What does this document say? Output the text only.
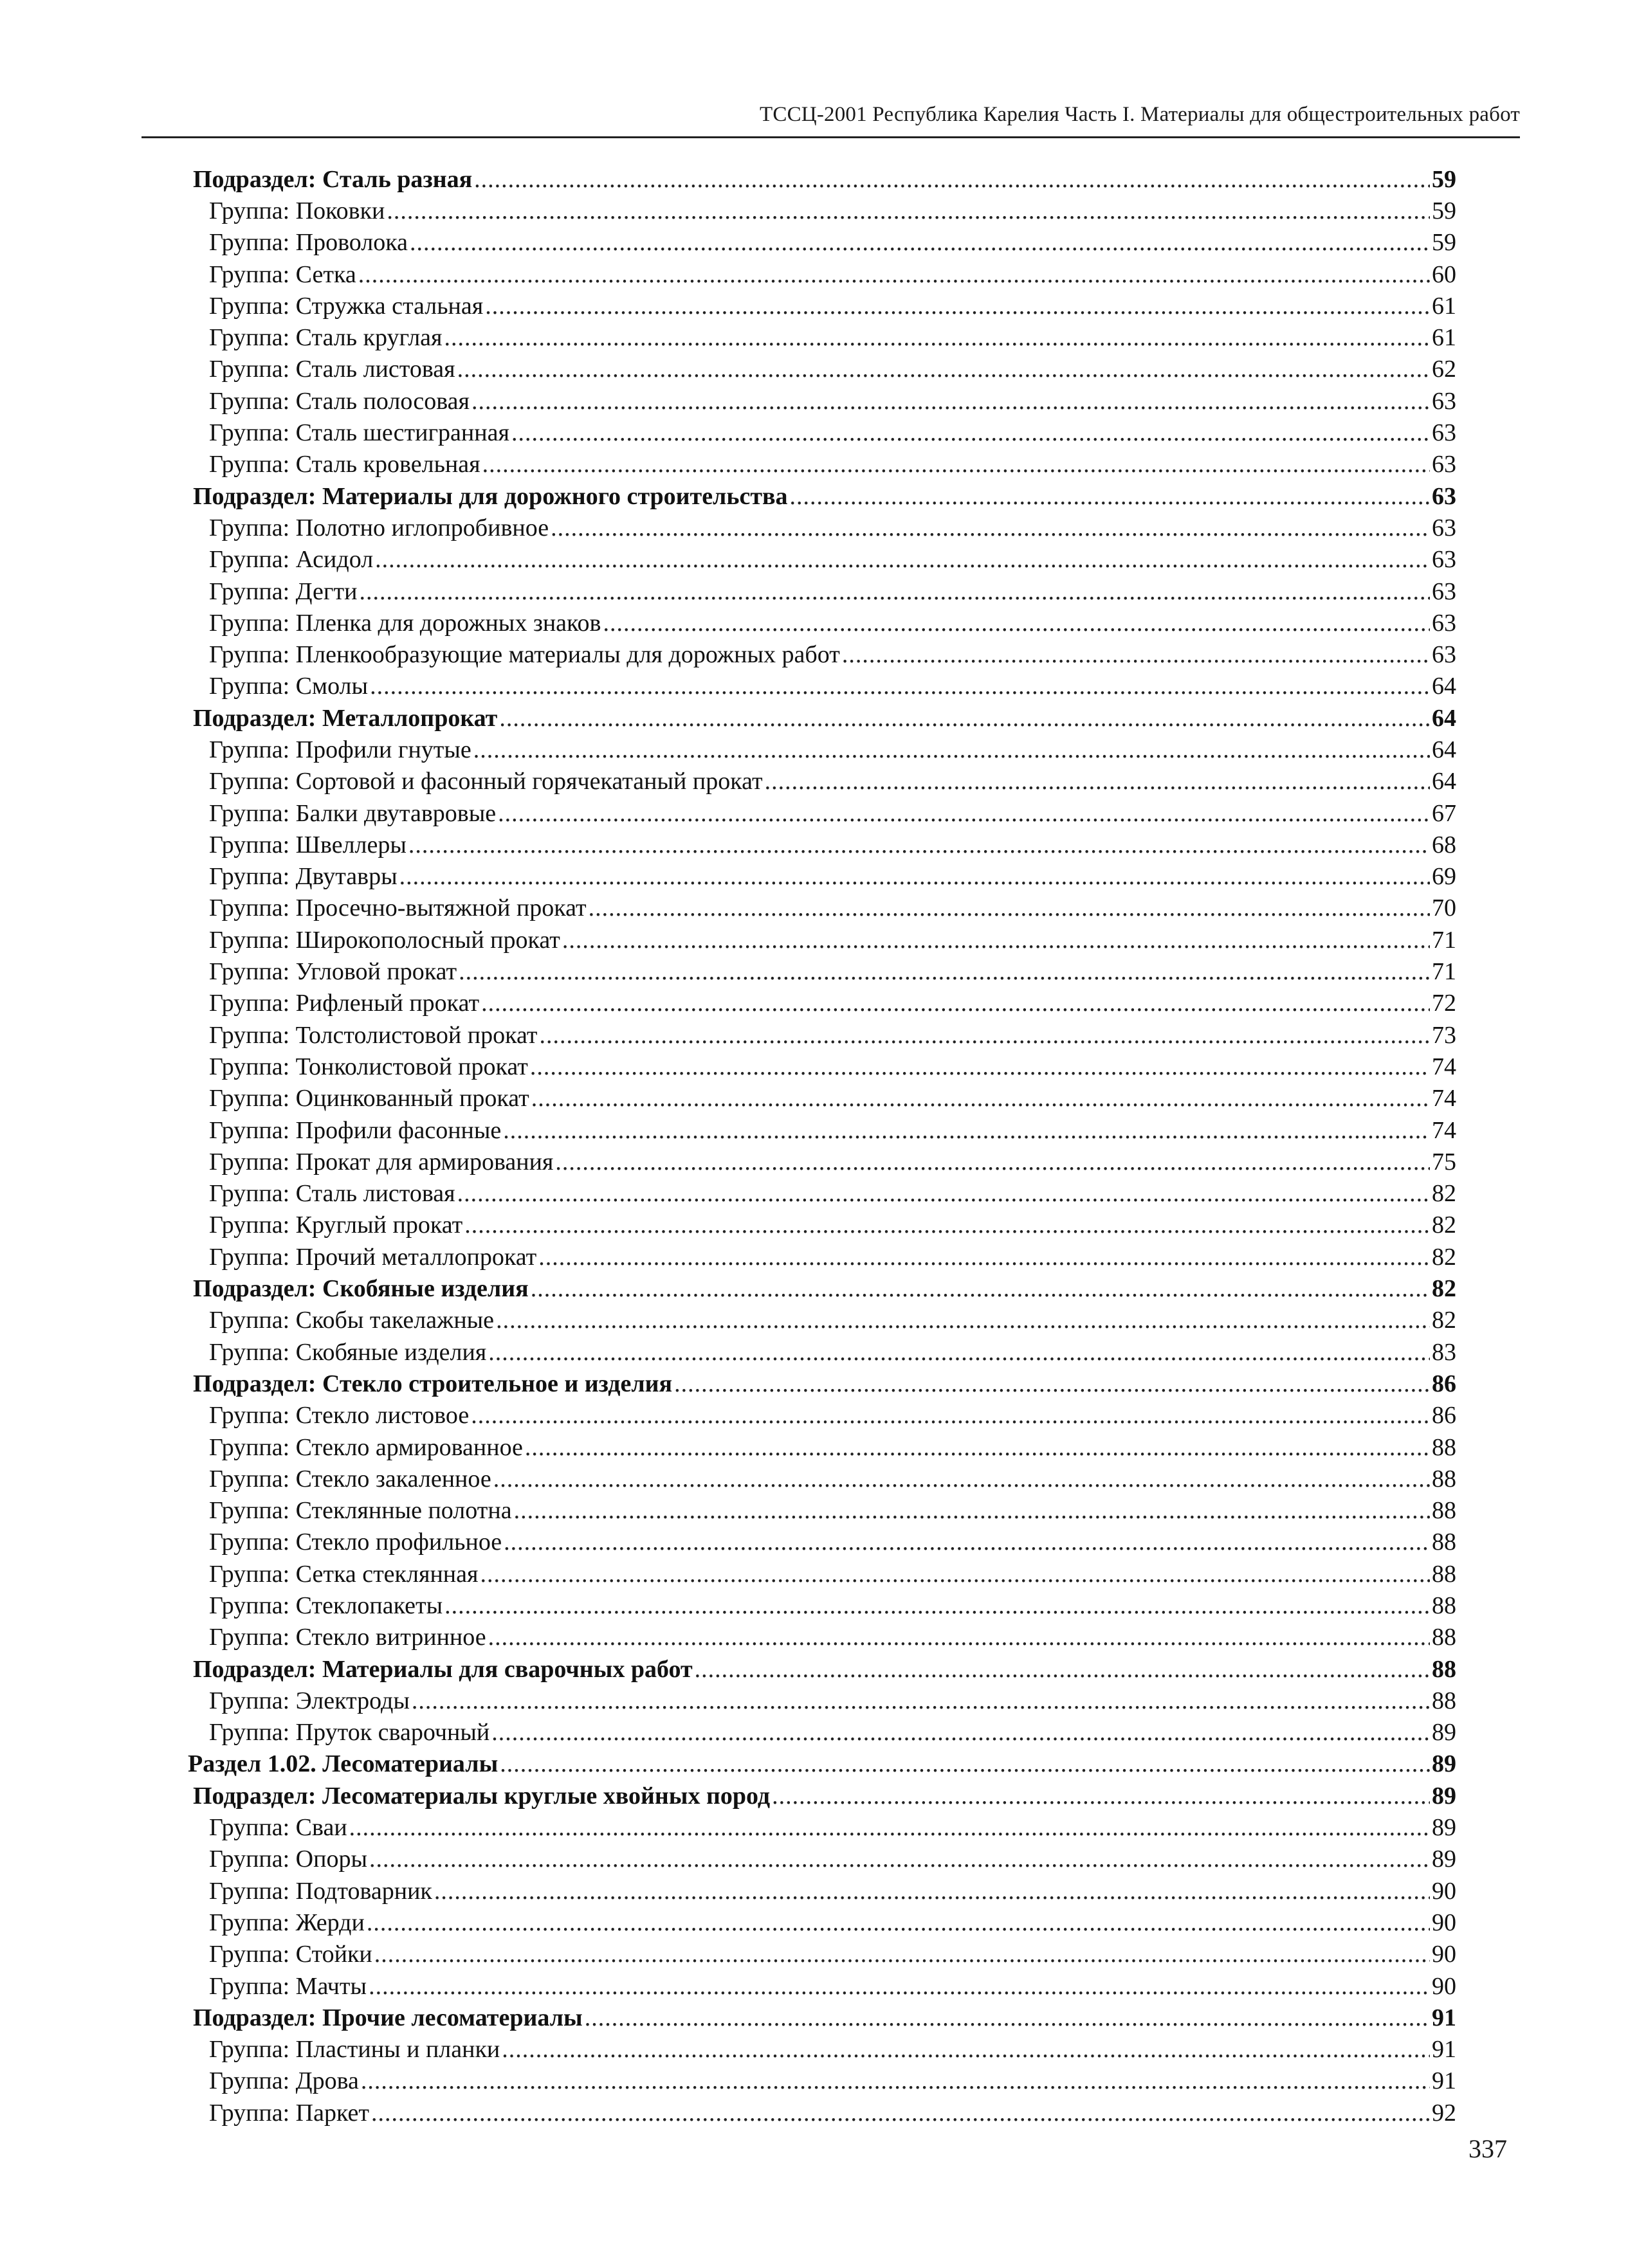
ТССЦ-2001 Республика Карелия Часть I. Материалы для общестроительных работ
Подраздел: Сталь разная .....	59
Группа: Поковки .....	59
Группа: Проволока .....	59
Группа: Сетка .....	60
Группа: Стружка стальная .....	61
Группа: Сталь круглая .....	61
Группа: Сталь листовая .....	62
Группа: Сталь полосовая .....	63
Группа: Сталь шестигранная .....	63
Группа: Сталь кровельная .....	63
Подраздел: Материалы для дорожного строительства .....	63
Группа: Полотно иглопробивное .....	63
Группа: Асидол .....	63
Группа: Дегти .....	63
Группа: Пленка для дорожных знаков .....	63
Группа: Пленкообразующие материалы для дорожных работ .....	63
Группа: Смолы .....	64
Подраздел: Металлопрокат .....	64
Группа: Профили гнутые .....	64
Группа: Сортовой и фасонный горячекатаный прокат .....	64
Группа: Балки двутавровые .....	67
Группа: Швеллеры .....	68
Группа: Двутавры .....	69
Группа: Просечно-вытяжной прокат .....	70
Группа: Широкополосный прокат .....	71
Группа: Угловой прокат .....	71
Группа: Рифленый прокат .....	72
Группа: Толстолистовой прокат .....	73
Группа: Тонколистовой прокат .....	74
Группа: Оцинкованный прокат .....	74
Группа: Профили фасонные .....	74
Группа: Прокат для армирования .....	75
Группа: Сталь листовая .....	82
Группа: Круглый прокат .....	82
Группа: Прочий металлопрокат .....	82
Подраздел: Скобяные изделия .....	82
Группа: Скобы такелажные .....	82
Группа: Скобяные изделия .....	83
Подраздел: Стекло строительное и изделия .....	86
Группа: Стекло листовое .....	86
Группа: Стекло армированное .....	88
Группа: Стекло закаленное .....	88
Группа: Стеклянные полотна .....	88
Группа: Стекло профильное .....	88
Группа: Сетка стеклянная .....	88
Группа: Стеклопакеты .....	88
Группа: Стекло витринное .....	88
Подраздел: Материалы для сварочных работ .....	88
Группа: Электроды .....	88
Группа: Пруток сварочный .....	89
Раздел 1.02. Лесоматериалы .....	89
Подраздел: Лесоматериалы круглые хвойных пород .....	89
Группа: Сваи .....	89
Группа: Опоры .....	89
Группа: Подтоварник .....	90
Группа: Жерди .....	90
Группа: Стойки .....	90
Группа: Мачты .....	90
Подраздел: Прочие лесоматериалы .....	91
Группа: Пластины и планки .....	91
Группа: Дрова .....	91
Группа: Паркет .....	92
337
